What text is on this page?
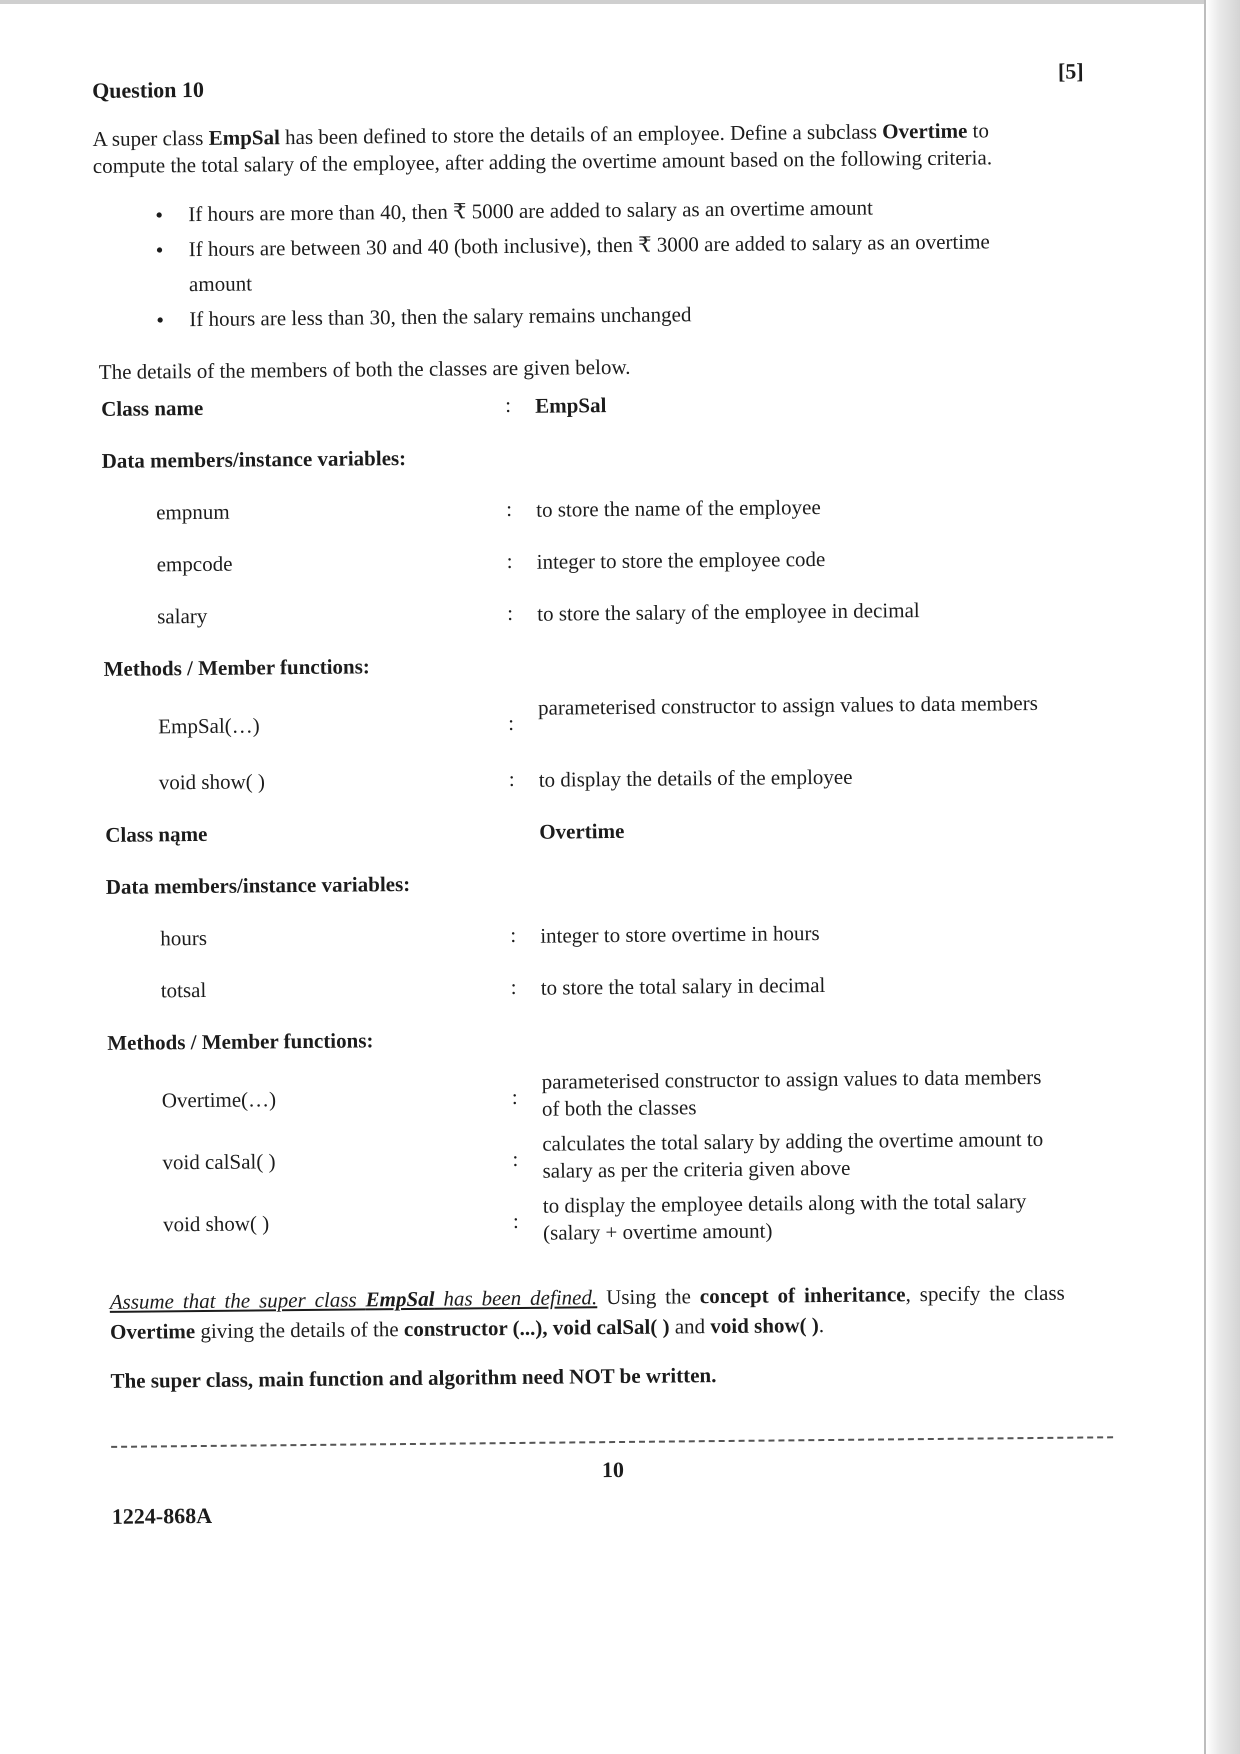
[5]

Question 10

A super class EmpSal has been defined to store the details of an employee. Define a subclass Overtime to compute the total salary of the employee, after adding the overtime amount based on the following criteria.

• If hours are more than 40, then ₹ 5000 are added to salary as an overtime amount
• If hours are between 30 and 40 (both inclusive), then ₹ 3000 are added to salary as an overtime amount
• If hours are less than 30, then the salary remains unchanged

The details of the members of both the classes are given below.

Class name	: EmpSal
Data members/instance variables:
empnum	: to store the name of the employee
empcode	: integer to store the employee code
salary	: to store the salary of the employee in decimal
Methods / Member functions:
EmpSal(…)	:
parameterised constructor to assign values to data members
void show( )	: to display the details of the employee
Class nąme	Overtime
Data members/instance variables:
hours	: integer to store overtime in hours
totsal	: to store the total salary in decimal
Methods / Member functions:
Overtime(…)	:
parameterised constructor to assign values to data members of both the classes
void calSal( )	:
calculates the total salary by adding the overtime amount to salary as per the criteria given above
void show( )	:
to display the employee details along with the total salary (salary + overtime amount)

Assume that the super class EmpSal has been defined. Using the concept of inheritance, specify the class Overtime giving the details of the constructor (...), void calSal( ) and void show( ).

The super class, main function and algorithm need NOT be written.

10
1224-868A
